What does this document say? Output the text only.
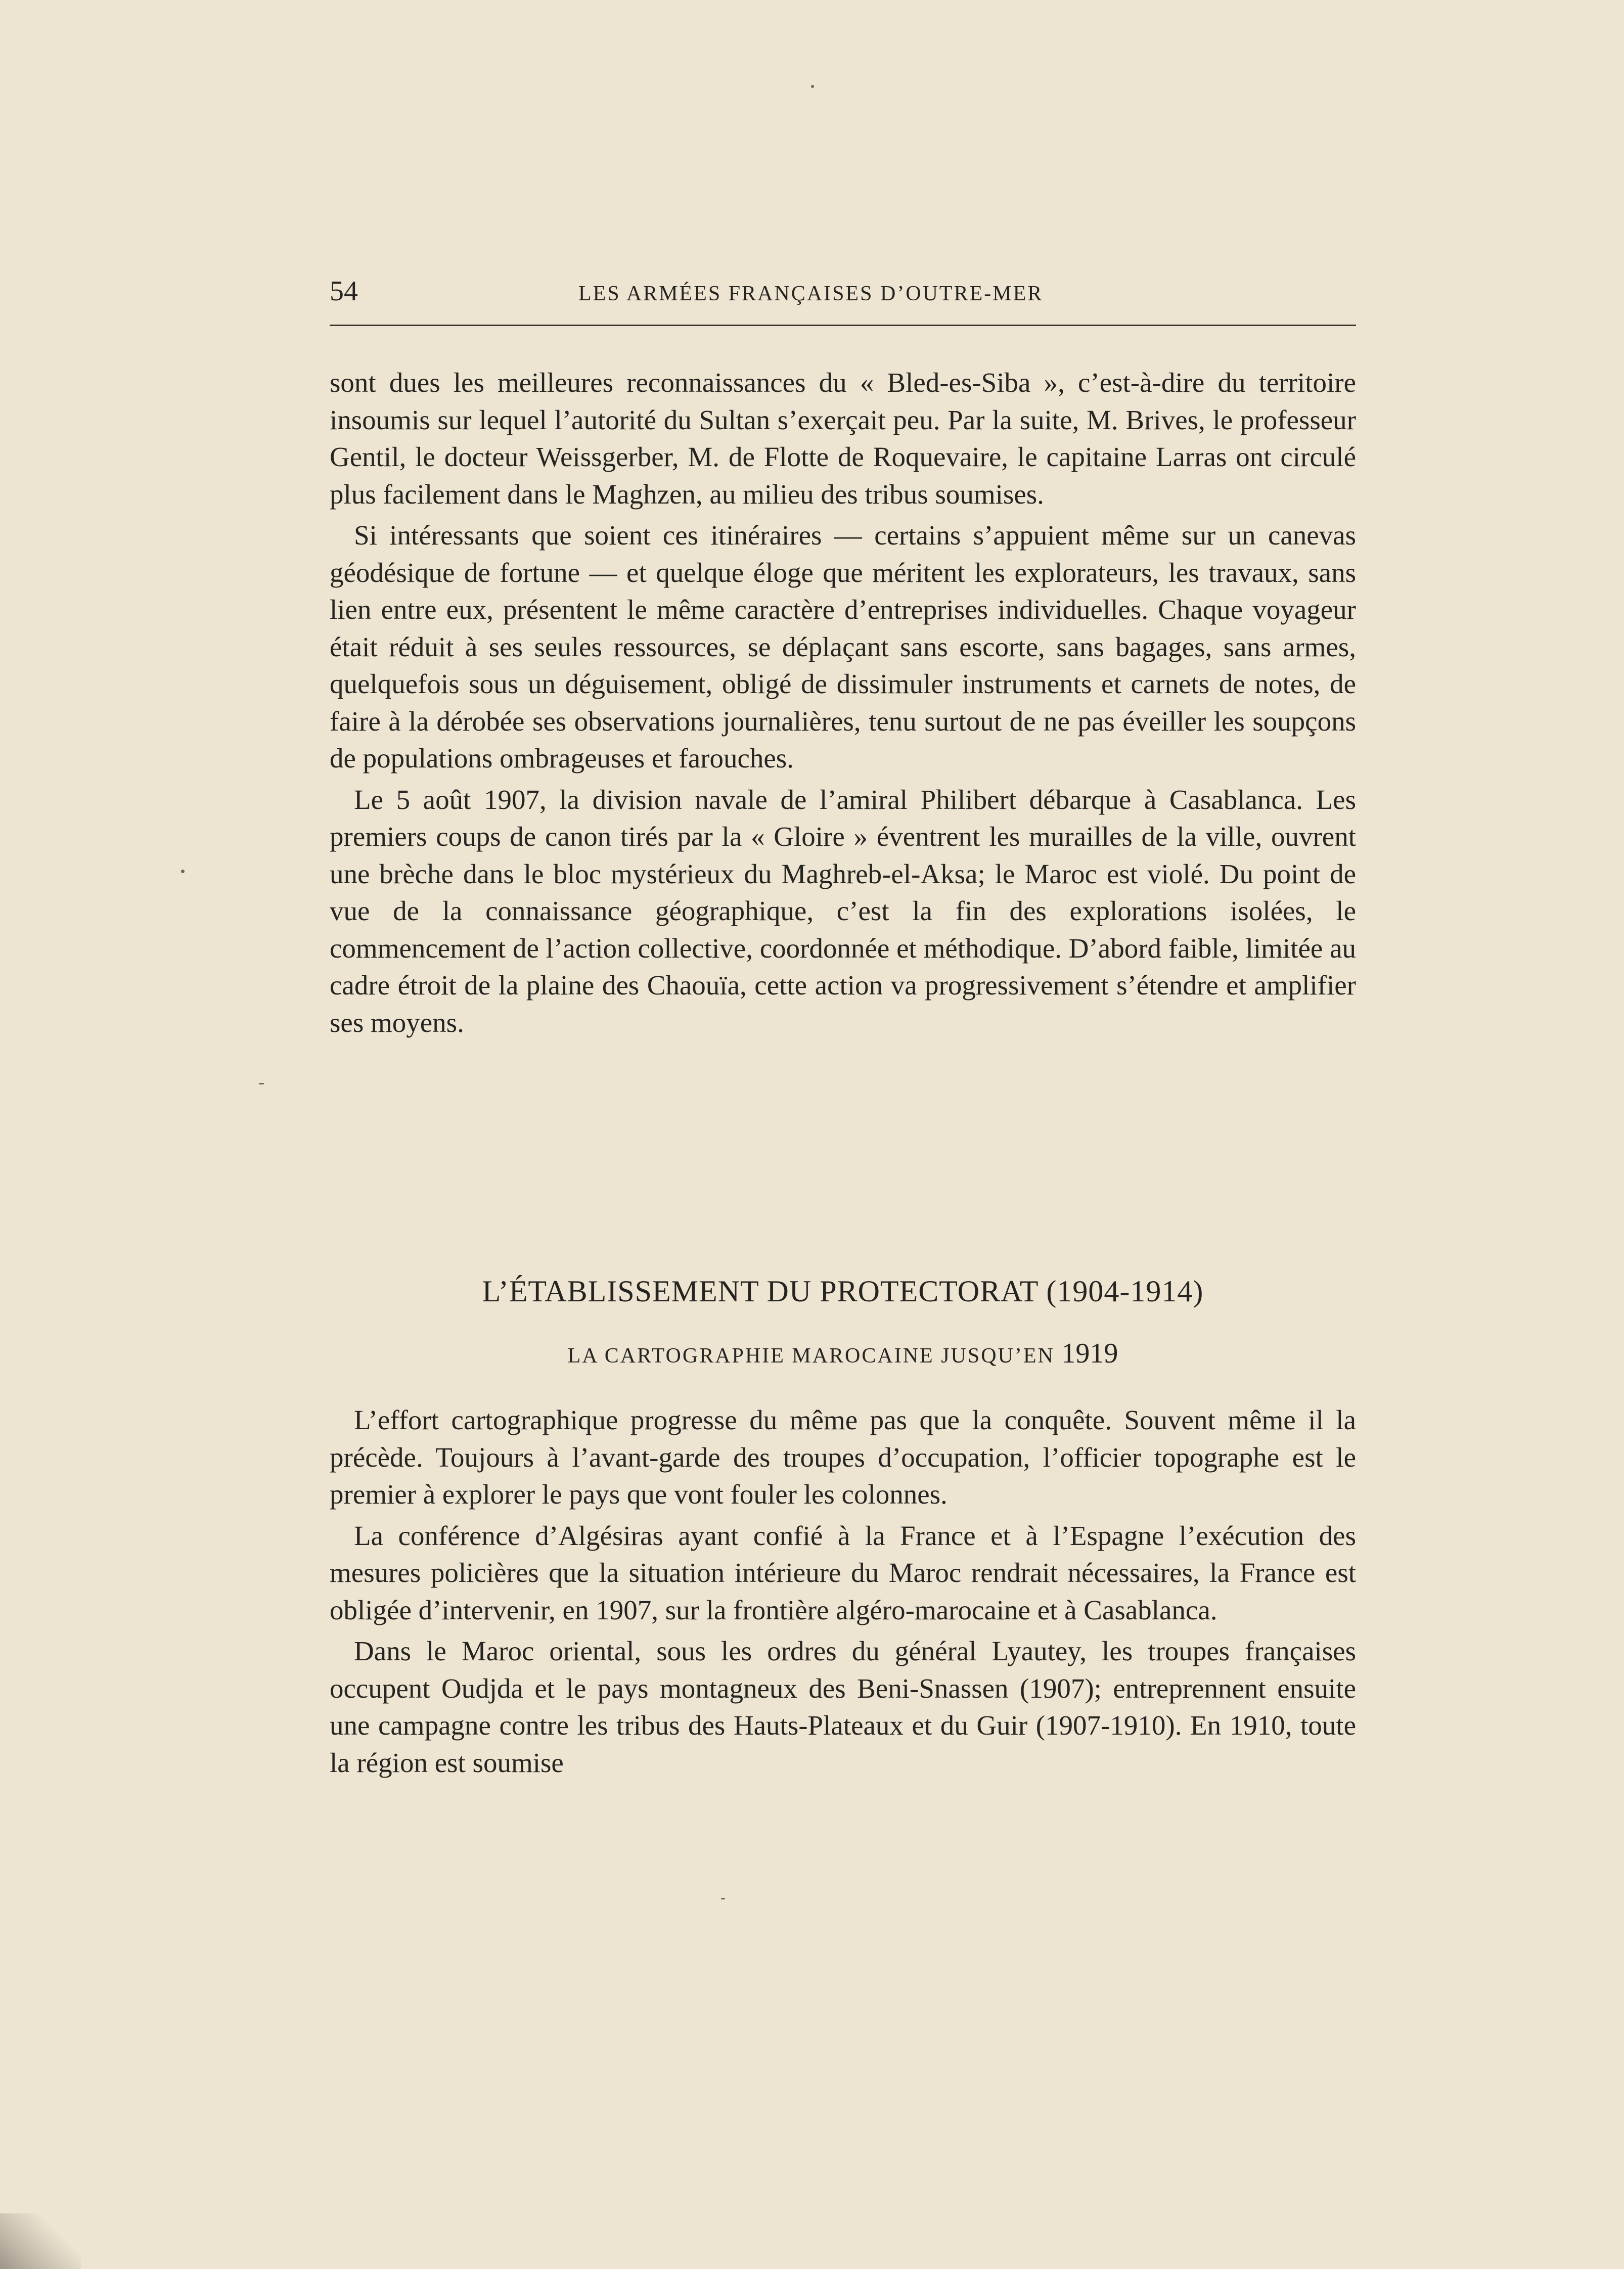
54	LES ARMÉES FRANÇAISES D’OUTRE-MER

sont dues les meilleures reconnaissances du « Bled-es-Siba », c’est-à-dire du territoire insoumis sur lequel l’autorité du Sultan s’exerçait peu. Par la suite, M. Brives, le professeur Gentil, le docteur Weissgerber, M. de Flotte de Roquevaire, le capitaine Larras ont circulé plus facilement dans le Maghzen, au milieu des tribus soumises.

Si intéressants que soient ces itinéraires — certains s’appuient même sur un canevas géodésique de fortune — et quelque éloge que méritent les explorateurs, les travaux, sans lien entre eux, présentent le même caractère d’entreprises individuelles. Chaque voyageur était réduit à ses seules ressources, se déplaçant sans escorte, sans bagages, sans armes, quelquefois sous un déguisement, obligé de dissimuler instruments et carnets de notes, de faire à la dérobée ses observations journalières, tenu surtout de ne pas éveiller les soupçons de populations ombrageuses et farouches.

Le 5 août 1907, la division navale de l’amiral Philibert débarque à Casablanca. Les premiers coups de canon tirés par la « Gloire » éventrent les murailles de la ville, ouvrent une brèche dans le bloc mystérieux du Maghreb-el-Aksa; le Maroc est violé. Du point de vue de la connaissance géographique, c’est la fin des explorations isolées, le commencement de l’action collective, coordonnée et méthodique. D’abord faible, limitée au cadre étroit de la plaine des Chaouïa, cette action va progressivement s’étendre et amplifier ses moyens.

L’ÉTABLISSEMENT DU PROTECTORAT (1904-1914)
LA CARTOGRAPHIE MAROCAINE JUSQU’EN 1919

L’effort cartographique progresse du même pas que la conquête. Souvent même il la précède. Toujours à l’avant-garde des troupes d’occupation, l’officier topographe est le premier à explorer le pays que vont fouler les colonnes.

La conférence d’Algésiras ayant confié à la France et à l’Espagne l’exécution des mesures policières que la situation intérieure du Maroc rendrait nécessaires, la France est obligée d’intervenir, en 1907, sur la frontière algéro-marocaine et à Casablanca.

Dans le Maroc oriental, sous les ordres du général Lyautey, les troupes françaises occupent Oudjda et le pays montagneux des Beni-Snassen (1907); entreprennent ensuite une campagne contre les tribus des Hauts-Plateaux et du Guir (1907-1910). En 1910, toute la région est soumise
